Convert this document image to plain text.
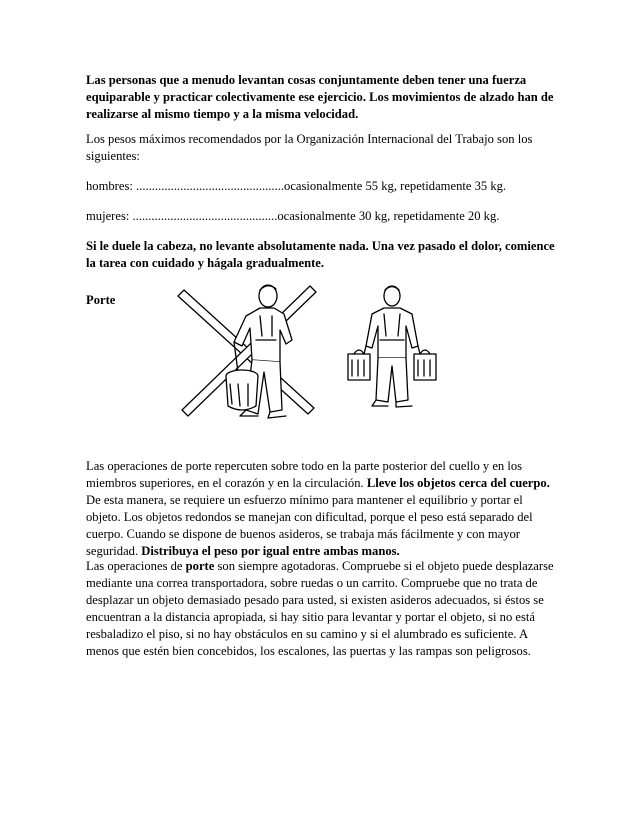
Las personas que a menudo levantan cosas conjuntamente deben tener una fuerza equiparable y practicar colectivamente ese ejercicio. Los movimientos de alzado han de realizarse al mismo tiempo y a la misma velocidad.

Los pesos máximos recomendados por la Organización Internacional del Trabajo son los siguientes:

hombres: ...............................................ocasionalmente 55 kg, repetidamente 35 kg.

mujeres: ..............................................ocasionalmente 30 kg, repetidamente 20 kg.

Si le duele la cabeza, no levante absolutamente nada. Una vez pasado el dolor, comience la tarea con cuidado y hágala gradualmente.

Porte

Las operaciones de porte repercuten sobre todo en la parte posterior del cuello y en los miembros superiores, en el corazón y en la circulación. Lleve los objetos cerca del cuerpo. De esta manera, se requiere un esfuerzo mínimo para mantener el equilibrio y portar el objeto. Los objetos redondos se manejan con dificultad, porque el peso está separado del cuerpo. Cuando se dispone de buenos asideros, se trabaja más fácilmente y con mayor seguridad. Distribuya el peso por igual entre ambas manos.

Las operaciones de porte son siempre agotadoras. Compruebe si el objeto puede desplazarse mediante una correa transportadora, sobre ruedas o un carrito. Compruebe que no trata de desplazar un objeto demasiado pesado para usted, si existen asideros adecuados, si éstos se encuentran a la distancia apropiada, si hay sitio para levantar y portar el objeto, si no está resbaladizo el piso, si no hay obstáculos en su camino y si el alumbrado es suficiente. A menos que estén bien concebidos, los escalones, las puertas y las rampas son peligrosos.
